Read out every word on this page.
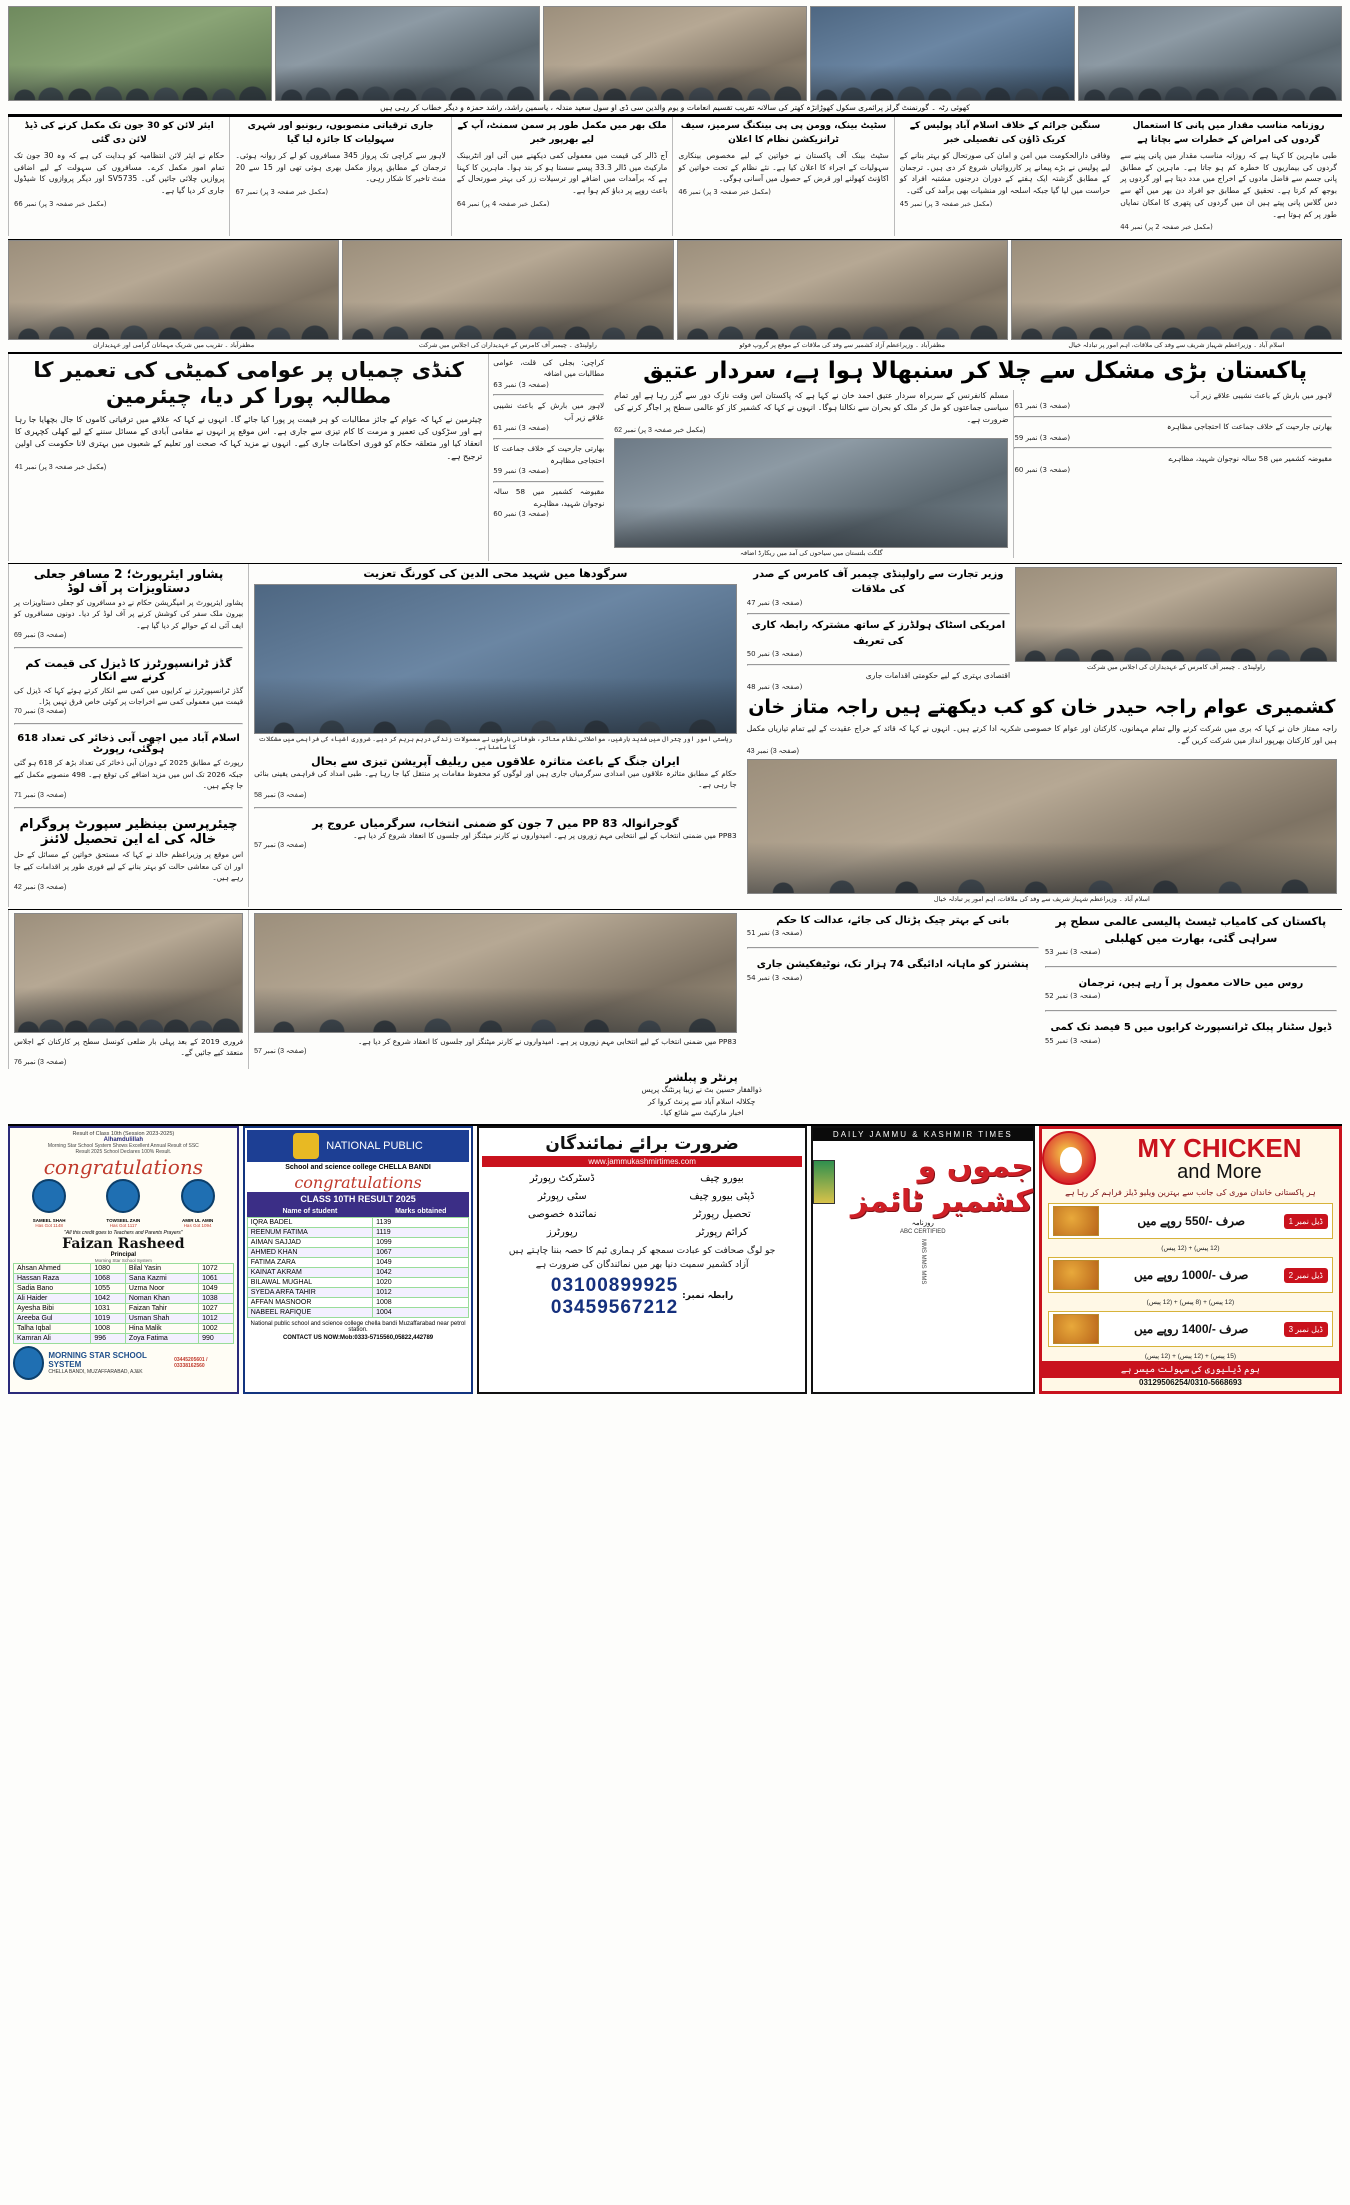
کھوئی رٹہ ۔ گورنمنٹ گرلز پرائمری سکول کھوڑانڑہ کھتر کی سالانہ تقریب تقسیم انعامات و یوم والدین سی ڈی او سول سعید مندلہ ، یاسمین راشد، راشد حمزہ و دیگر خطاب کر رہی ہیں
ایئر لائن کو 30 جون تک مکمل کرنے کی ڈیڈ لائن دی گئی
حکام نے ایئر لائن انتظامیہ کو ہدایت کی ہے کہ وہ 30 جون تک تمام امور مکمل کرے۔ مسافروں کی سہولت کے لیے اضافی پروازیں چلائی جائیں گی۔ SV5735 اور دیگر پروازوں کا شیڈول جاری کر دیا گیا ہے۔
(مکمل خبر صفحہ 3 پر) نمبر 66
جاری ترقیاتی منصوبوں، ریونیو اور شہری سہولیات کا جائزہ لیا گیا
لاہور سے کراچی تک پرواز 345 مسافروں کو لے کر روانہ ہوئی۔ ترجمان کے مطابق پرواز مکمل بھری ہوئی تھی اور 15 سے 20 منٹ تاخیر کا شکار رہی۔
(مکمل خبر صفحہ 3 پر) نمبر 67
ملک بھر میں مکمل طور پر سمن سمنٹ، آپ کے لیے بھرپور خبر
آج ڈالر کی قیمت میں معمولی کمی دیکھنے میں آئی اور انٹربینک مارکیٹ میں ڈالر 33.3 پیسے سستا ہو کر بند ہوا۔ ماہرین کا کہنا ہے کہ برآمدات میں اضافے اور ترسیلات زر کی بہتر صورتحال کے باعث روپے پر دباؤ کم ہوا ہے۔
(مکمل خبر صفحہ 4 پر) نمبر 64
سٹیٹ بینک، وومن پی پی بینکنگ سرمیز، سیف ٹرانزیکشن نظام کا اعلان
سٹیٹ بینک آف پاکستان نے خواتین کے لیے مخصوص بینکاری سہولیات کے اجراء کا اعلان کیا ہے۔ نئے نظام کے تحت خواتین کو اکاؤنٹ کھولنے اور قرض کے حصول میں آسانی ہوگی۔
(مکمل خبر صفحہ 3 پر) نمبر 46
سنگین جرائم کے خلاف اسلام آباد پولیس کے کریک ڈاؤن کی تفصیلی خبر
وفاقی دارالحکومت میں امن و امان کی صورتحال کو بہتر بنانے کے لیے پولیس نے بڑے پیمانے پر کارروائیاں شروع کر دی ہیں۔ ترجمان کے مطابق گزشتہ ایک ہفتے کے دوران درجنوں مشتبہ افراد کو حراست میں لیا گیا جبکہ اسلحہ اور منشیات بھی برآمد کی گئی۔
(مکمل خبر صفحہ 3 پر) نمبر 45
روزنامہ مناسب مقدار میں پانی کا استعمال گردوں کی امراض کے خطرات سے بچاتا ہے
طبی ماہرین کا کہنا ہے کہ روزانہ مناسب مقدار میں پانی پینے سے گردوں کی بیماریوں کا خطرہ کم ہو جاتا ہے۔ ماہرین کے مطابق پانی جسم سے فاضل مادوں کے اخراج میں مدد دیتا ہے اور گردوں پر بوجھ کم کرتا ہے۔ تحقیق کے مطابق جو افراد دن بھر میں آٹھ سے دس گلاس پانی پیتے ہیں ان میں گردوں کی پتھری کا امکان نمایاں طور پر کم ہوتا ہے۔
(مکمل خبر صفحہ 2 پر) نمبر 44
مظفرآباد ۔ تقریب میں شریک مہمانان گرامی اور عہدیداران	راولپنڈی ۔ چیمبر آف کامرس کے عہدیداران کی اجلاس میں شرکت	مظفرآباد ۔ وزیراعظم آزاد کشمیر سے وفد کی ملاقات کے موقع پر گروپ فوٹو	اسلام آباد ۔ وزیراعظم شہباز شریف سے وفد کی ملاقات، اہم امور پر تبادلہ خیال
کنڈی چمیاں پر عوامی کمیٹی کی تعمیر کا مطالبہ پورا کر دیا، چیئرمین
چیئرمین نے کہا کہ عوام کے جائز مطالبات کو ہر قیمت پر پورا کیا جائے گا۔ انہوں نے کہا کہ علاقے میں ترقیاتی کاموں کا جال بچھایا جا رہا ہے اور سڑکوں کی تعمیر و مرمت کا کام تیزی سے جاری ہے۔ اس موقع پر انہوں نے مقامی آبادی کے مسائل سننے کے لیے کھلی کچہری کا انعقاد کیا اور متعلقہ حکام کو فوری احکامات جاری کیے۔ انہوں نے مزید کہا کہ صحت اور تعلیم کے شعبوں میں بہتری لانا حکومت کی اولین ترجیح ہے۔
(مکمل خبر صفحہ 3 پر) نمبر 41
کراچی: بجلی کی قلت، عوامی مطالبات میں اضافہ
(صفحہ 3) نمبر 63
لاہور میں بارش کے باعث نشیبی علاقے زیر آب
(صفحہ 3) نمبر 61
بھارتی جارحیت کے خلاف جماعت کا احتجاجی مظاہرہ
(صفحہ 3) نمبر 59
مقبوضہ کشمیر میں 58 سالہ نوجوان شہید، مظاہرے
(صفحہ 3) نمبر 60
پاکستان بڑی مشکل سے چلا کر سنبھالا ہوا ہے، سردار عتیق
مسلم کانفرنس کے سربراہ سردار عتیق احمد خان نے کہا ہے کہ پاکستان اس وقت نازک دور سے گزر رہا ہے اور تمام سیاسی جماعتوں کو مل کر ملک کو بحران سے نکالنا ہوگا۔ انہوں نے کہا کہ کشمیر کاز کو عالمی سطح پر اجاگر کرنے کی ضرورت ہے۔
(مکمل خبر صفحہ 3 پر) نمبر 62
گلگت بلتستان میں سیاحوں کی آمد میں ریکارڈ اضافہ
لاہور میں بارش کے باعث نشیبی علاقے زیر آب
(صفحہ 3) نمبر 61
بھارتی جارحیت کے خلاف جماعت کا احتجاجی مظاہرہ
(صفحہ 3) نمبر 59
مقبوضہ کشمیر میں 58 سالہ نوجوان شہید، مظاہرے
(صفحہ 3) نمبر 60
پشاور ایئرپورٹ؛ 2 مسافر جعلی دستاویزات پر آف لوڈ
پشاور ایئرپورٹ پر امیگریشن حکام نے دو مسافروں کو جعلی دستاویزات پر بیرون ملک سفر کی کوشش کرنے پر آف لوڈ کر دیا۔ دونوں مسافروں کو ایف آئی اے کے حوالے کر دیا گیا ہے۔
(صفحہ 3) نمبر 69
گڈز ٹرانسپورٹرز کا ڈیزل کی قیمت کم کرنے سے انکار
گڈز ٹرانسپورٹرز نے کرایوں میں کمی سے انکار کرتے ہوئے کہا کہ ڈیزل کی قیمت میں معمولی کمی سے اخراجات پر کوئی خاص فرق نہیں پڑا۔
(صفحہ 3) نمبر 70
اسلام آباد میں اچھی آبی ذخائر کی تعداد 618 ہوگئی، رپورٹ
رپورٹ کے مطابق 2025 کے دوران آبی ذخائر کی تعداد بڑھ کر 618 ہو گئی جبکہ 2026 تک اس میں مزید اضافے کی توقع ہے۔ 498 منصوبے مکمل کیے جا چکے ہیں۔
(صفحہ 3) نمبر 71
چیئرپرسن بینظیر سپورٹ پروگرام خالہ کی اے این تحصیل لائنز
اس موقع پر وزیراعظم خالد نے کہا کہ مستحق خواتین کے مسائل کے حل اور ان کی معاشی حالت کو بہتر بنانے کے لیے فوری طور پر اقدامات کیے جا رہے ہیں۔
(صفحہ 3) نمبر 42
سرگودھا میں شہید محی الدین کی کورنگ تعزیت
ریاستی امور اور چترال میں شدید بارشیں، مواصلاتی نظام متاثر، طوفانی بارشوں نے معمولات زندگی درہم برہم کر دیے۔ ضروری اشیاء کی فراہمی میں مشکلات کا سامنا ہے۔
ایران جنگ کے باعث متاثرہ علاقوں میں ریلیف آپریشن تیزی سے بحال
حکام کے مطابق متاثرہ علاقوں میں امدادی سرگرمیاں جاری ہیں اور لوگوں کو محفوظ مقامات پر منتقل کیا جا رہا ہے۔ طبی امداد کی فراہمی یقینی بنائی جا رہی ہے۔
(صفحہ 3) نمبر 58
گوجرانوالہ PP 83 میں 7 جون کو ضمنی انتخاب، سرگرمیاں عروج پر
PP83 میں ضمنی انتخاب کے لیے انتخابی مہم زوروں پر ہے۔ امیدواروں نے کارنر میٹنگز اور جلسوں کا انعقاد شروع کر دیا ہے۔
(صفحہ 3) نمبر 57
وزیر تجارت سے راولپنڈی چیمبر آف کامرس کے صدر کی ملاقات
(صفحہ 3) نمبر 47
امریکی اسٹاک ہولڈرز کے ساتھ مشترکہ رابطہ کاری کی تعریف
(صفحہ 3) نمبر 50
اقتصادی بہتری کے لیے حکومتی اقدامات جاری
(صفحہ 3) نمبر 48
راولپنڈی ۔ چیمبر آف کامرس کے عہدیداران کی اجلاس میں شرکت
کشمیری عوام راجہ حیدر خان کو کب دیکھتے ہیں راجہ متاز خان
راجہ ممتاز خان نے کہا کہ بری میں شرکت کرنے والے تمام مہمانوں، کارکنان اور عوام کا خصوصی شکریہ ادا کرتے ہیں۔ انہوں نے کہا کہ قائد کے خراج عقیدت کے لیے تمام تیاریاں مکمل ہیں اور کارکنان بھرپور انداز میں شرکت کریں گے۔
(صفحہ 3) نمبر 43
اسلام آباد ۔ وزیراعظم شہباز شریف سے وفد کی ملاقات، اہم امور پر تبادلہ خیال
فروری 2019 کے بعد پہلی بار ضلعی کونسل سطح پر کارکنان کے اجلاس منعقد کیے جائیں گے۔
(صفحہ 3) نمبر 76
PP83 میں ضمنی انتخاب کے لیے انتخابی مہم زوروں پر ہے۔ امیدواروں نے کارنر میٹنگز اور جلسوں کا انعقاد شروع کر دیا ہے۔
(صفحہ 3) نمبر 57
بانی کے بہتر چیک پڑتال کی جائے، عدالت کا حکم
(صفحہ 3) نمبر 51
پنشنرز کو ماہانہ ادائیگی 74 ہزار تک، نوٹیفکیشن جاری
(صفحہ 3) نمبر 54
پاکستان کی کامیاب ٹیسٹ پالیسی عالمی سطح پر سراہی گئی، بھارت میں کھلبلی
(صفحہ 3) نمبر 53
روس میں حالات معمول پر آ رہے ہیں، ترجمان
(صفحہ 3) نمبر 52
ڈیول سٹنار پبلک ٹرانسپورٹ کرایوں میں 5 فیصد تک کمی
(صفحہ 3) نمبر 55
پرنٹر و پبلشر
ذوالفقار حسین بٹ نے زیبا پرنٹنگ پریس
چکلالہ اسلام آباد سے پرنٹ کروا کر
اخبار مارکیٹ سے شائع کیا۔
Result of Class 10th (Session 2023-2025)
Alhamdulillah
Morning Star School System Shows Excellent Annual Result of SSC
Result 2025 School Declares 100% Result.
congratulations
SAMEEL SHAH
Has Got 1148
TOWSEEL ZAIN
Has Got 1117
AMIR UL AMIN
Has Got 1094
"All this credit goes to Teachers and Parents Prayers"
Faizan Rasheed
Principal
Morning Star School System
Ahsan Ahmed	1080	Bilal Yasin	1072
Hassan Raza	1068	Sana Kazmi	1061
Sadia Bano	1055	Uzma Noor	1049
Ali Haider	1042	Noman Khan	1038
Ayesha Bibi	1031	Faizan Tahir	1027
Areeba Gul	1019	Usman Shah	1012
Talha Iqbal	1008	Hina Malik	1002
Kamran Ali	996	Zoya Fatima	990
MORNING STAR SCHOOL SYSTEM
CHELLA BANDI, MUZAFFARABAD, AJ&K
03445205601 / 03338162560
NATIONAL PUBLIC
School and science college CHELLA BANDI
congratulations
CLASS 10TH RESULT 2025
Name of student	Marks obtained
IQRA BADEL	1139
REENUM FATIMA	1119
AIMAN SAJJAD	1099
AHMED KHAN	1067
FATIMA ZARA	1049
KAINAT AKRAM	1042
BILAWAL MUGHAL	1020
SYEDA ARFA TAHIR	1012
AFFAN MASNOOR	1008
NABEEL RAFIQUE	1004
National public school and science college chella bandi Muzaffarabad near petrol station.
CONTACT US NOW:Mob:0333-5715560,05822,442789
ضرورت برائے نمائندگان
www.jammukashmirtimes.com
ڈسٹرکٹ رپورٹر
سٹی رپورٹر
نمائندہ خصوصی
رپورٹرز
بیورو چیف
ڈپٹی بیورو چیف
تحصیل رپورٹر
کرائم رپورٹر
جو لوگ صحافت کو عبادت سمجھ کر ہماری ٹیم کا حصہ بننا چاہتے ہیں
آزاد کشمیر سمیت دنیا بھر میں نمائندگان کی ضرورت ہے
03100899925
03459567212
رابطہ نمبر:
DAILY JAMMU & KASHMIR TIMES
جموں و کشمیر ٹائمز
روزنامہ
ABC CERTIFIED
MMS MMS MMS
MY CHICKEN
and More
ہر پاکستانی خاندان موری کی جانب سے بہترین ویلیو ڈیلز فراہم کر رہا ہے
صرف -/550 روپے میں	ڈیل نمبر 1
(12 پیس) + (12 پیس)
صرف -/1000 روپے میں	ڈیل نمبر 2
(12 پیس) + (8 پیس) + (12 پیس)
صرف -/1400 روپے میں	ڈیل نمبر 3
(15 پیس) + (12 پیس) + (12 پیس)
ہوم ڈیلیوری کی سہولت میسر ہے
03129506254/0310-5668693
